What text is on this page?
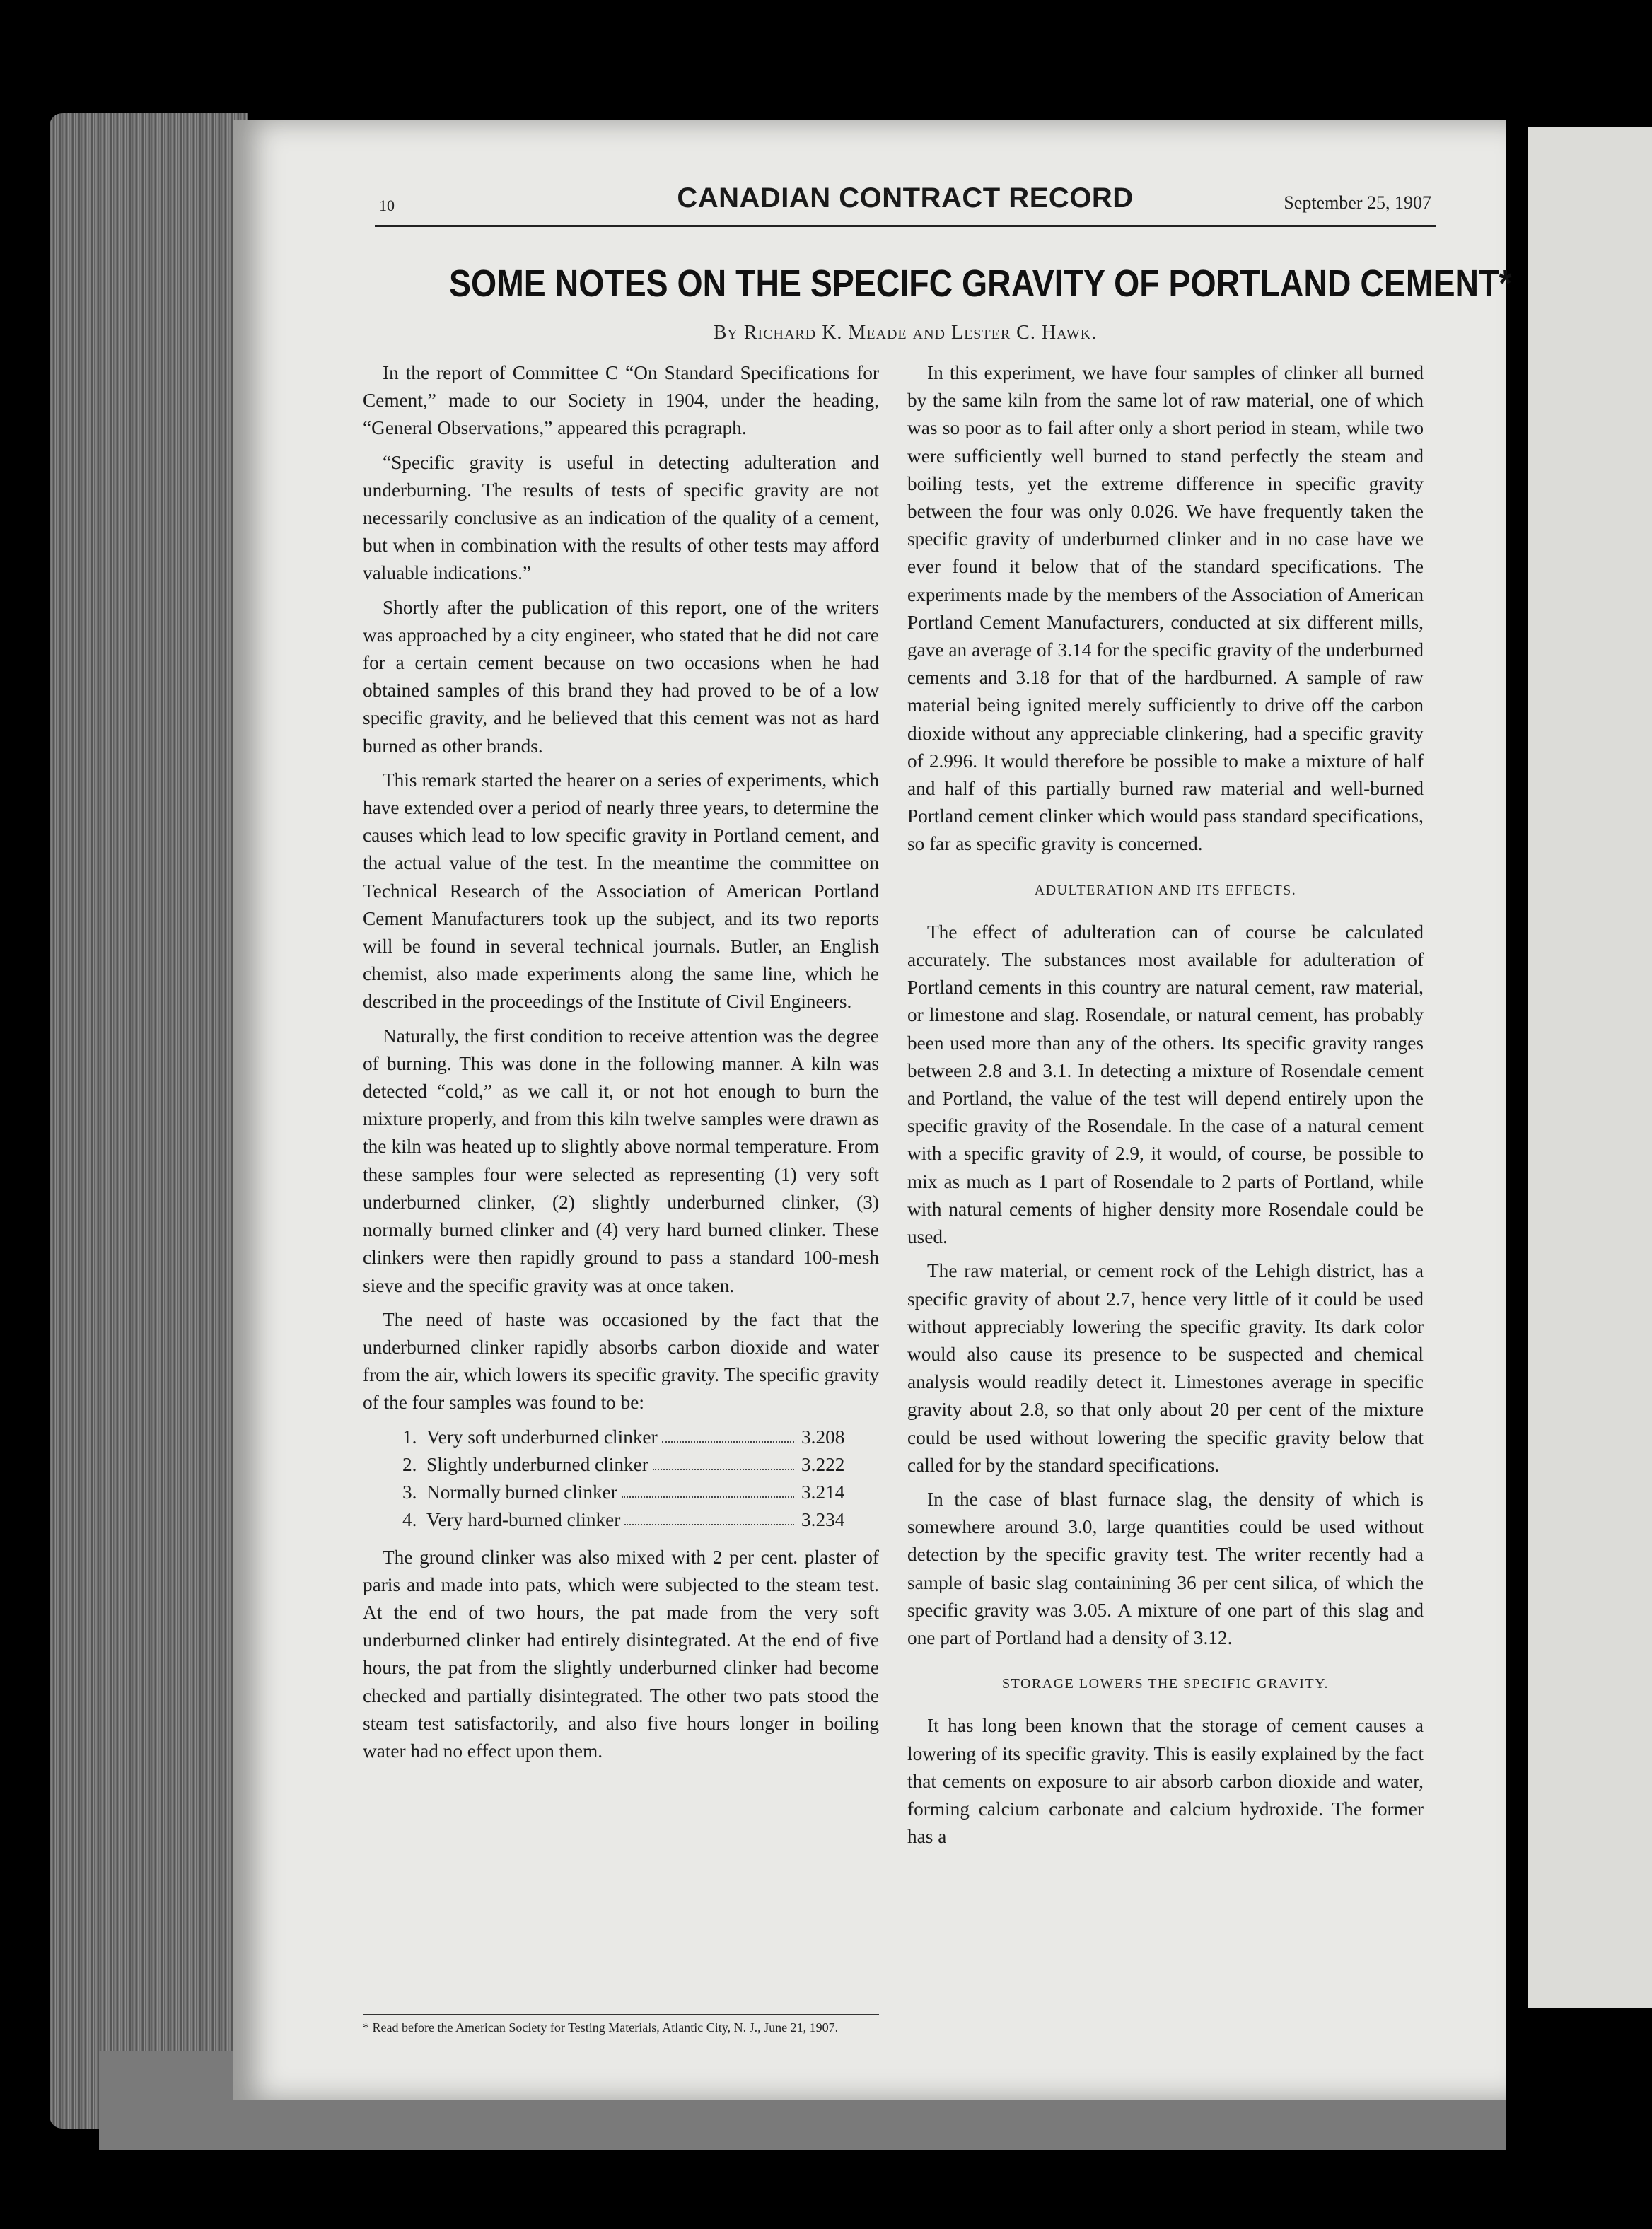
10	CANADIAN CONTRACT RECORD	September 25, 1907
SOME NOTES ON THE SPECIFC GRAVITY OF PORTLAND CEMENT*
By Richard K. Meade and Lester C. Hawk.

In the report of Committee C “On Standard Specifications for Cement,” made to our Society in 1904, under the heading, “General Observations,” appeared this pcragraph.

“Specific gravity is useful in detecting adulteration and underburning. The results of tests of specific gravity are not necessarily conclusive as an indication of the quality of a cement, but when in combination with the results of other tests may afford valuable indications.”

Shortly after the publication of this report, one of the writers was approached by a city engineer, who stated that he did not care for a certain cement because on two occasions when he had obtained samples of this brand they had proved to be of a low specific gravity, and he believed that this cement was not as hard burned as other brands.

This remark started the hearer on a series of experiments, which have extended over a period of nearly three years, to determine the causes which lead to low specific gravity in Portland cement, and the actual value of the test. In the meantime the committee on Technical Research of the Association of American Portland Cement Manufacturers took up the subject, and its two reports will be found in several technical journals. Butler, an English chemist, also made experiments along the same line, which he described in the proceedings of the Institute of Civil Engineers.

Naturally, the first condition to receive attention was the degree of burning. This was done in the following manner. A kiln was detected “cold,” as we call it, or not hot enough to burn the mixture properly, and from this kiln twelve samples were drawn as the kiln was heated up to slightly above normal temperature. From these samples four were selected as representing (1) very soft underburned clinker, (2) slightly underburned clinker, (3) normally burned clinker and (4) very hard burned clinker. These clinkers were then rapidly ground to pass a standard 100-mesh sieve and the specific gravity was at once taken.

The need of haste was occasioned by the fact that the underburned clinker rapidly absorbs carbon dioxide and water from the air, which lowers its specific gravity. The specific gravity of the four samples was found to be:

1. Very soft underburned clinker	3.208
2. Slightly underburned clinker	3.222
3. Normally burned clinker	3.214
4. Very hard-burned clinker	3.234

The ground clinker was also mixed with 2 per cent. plaster of paris and made into pats, which were subjected to the steam test. At the end of two hours, the pat made from the very soft underburned clinker had entirely disintegrated. At the end of five hours, the pat from the slightly underburned clinker had become checked and partially disintegrated. The other two pats stood the steam test satisfactorily, and also five hours longer in boiling water had no effect upon them.

* Read before the American Society for Testing Materials, Atlantic City, N. J., June 21, 1907.

In this experiment, we have four samples of clinker all burned by the same kiln from the same lot of raw material, one of which was so poor as to fail after only a short period in steam, while two were sufficiently well burned to stand perfectly the steam and boiling tests, yet the extreme difference in specific gravity between the four was only 0.026. We have frequently taken the specific gravity of underburned clinker and in no case have we ever found it below that of the standard specifications. The experiments made by the members of the Association of American Portland Cement Manufacturers, conducted at six different mills, gave an average of 3.14 for the specific gravity of the underburned cements and 3.18 for that of the hardburned. A sample of raw material being ignited merely sufficiently to drive off the carbon dioxide without any appreciable clinkering, had a specific gravity of 2.996. It would therefore be possible to make a mixture of half and half of this partially burned raw material and well-burned Portland cement clinker which would pass standard specifications, so far as specific gravity is concerned.

ADULTERATION AND ITS EFFECTS.

The effect of adulteration can of course be calculated accurately. The substances most available for adulteration of Portland cements in this country are natural cement, raw material, or limestone and slag. Rosendale, or natural cement, has probably been used more than any of the others. Its specific gravity ranges between 2.8 and 3.1. In detecting a mixture of Rosendale cement and Portland, the value of the test will depend entirely upon the specific gravity of the Rosendale. In the case of a natural cement with a specific gravity of 2.9, it would, of course, be possible to mix as much as 1 part of Rosendale to 2 parts of Portland, while with natural cements of higher density more Rosendale could be used.

The raw material, or cement rock of the Lehigh district, has a specific gravity of about 2.7, hence very little of it could be used without appreciably lowering the specific gravity. Its dark color would also cause its presence to be suspected and chemical analysis would readily detect it. Limestones average in specific gravity about 2.8, so that only about 20 per cent of the mixture could be used without lowering the specific gravity below that called for by the standard specifications.

In the case of blast furnace slag, the density of which is somewhere around 3.0, large quantities could be used without detection by the specific gravity test. The writer recently had a sample of basic slag containining 36 per cent silica, of which the specific gravity was 3.05. A mixture of one part of this slag and one part of Portland had a density of 3.12.

STORAGE LOWERS THE SPECIFIC GRAVITY.

It has long been known that the storage of cement causes a lowering of its specific gravity. This is easily explained by the fact that cements on exposure to air absorb carbon dioxide and water, forming calcium carbonate and calcium hydroxide. The former has a
